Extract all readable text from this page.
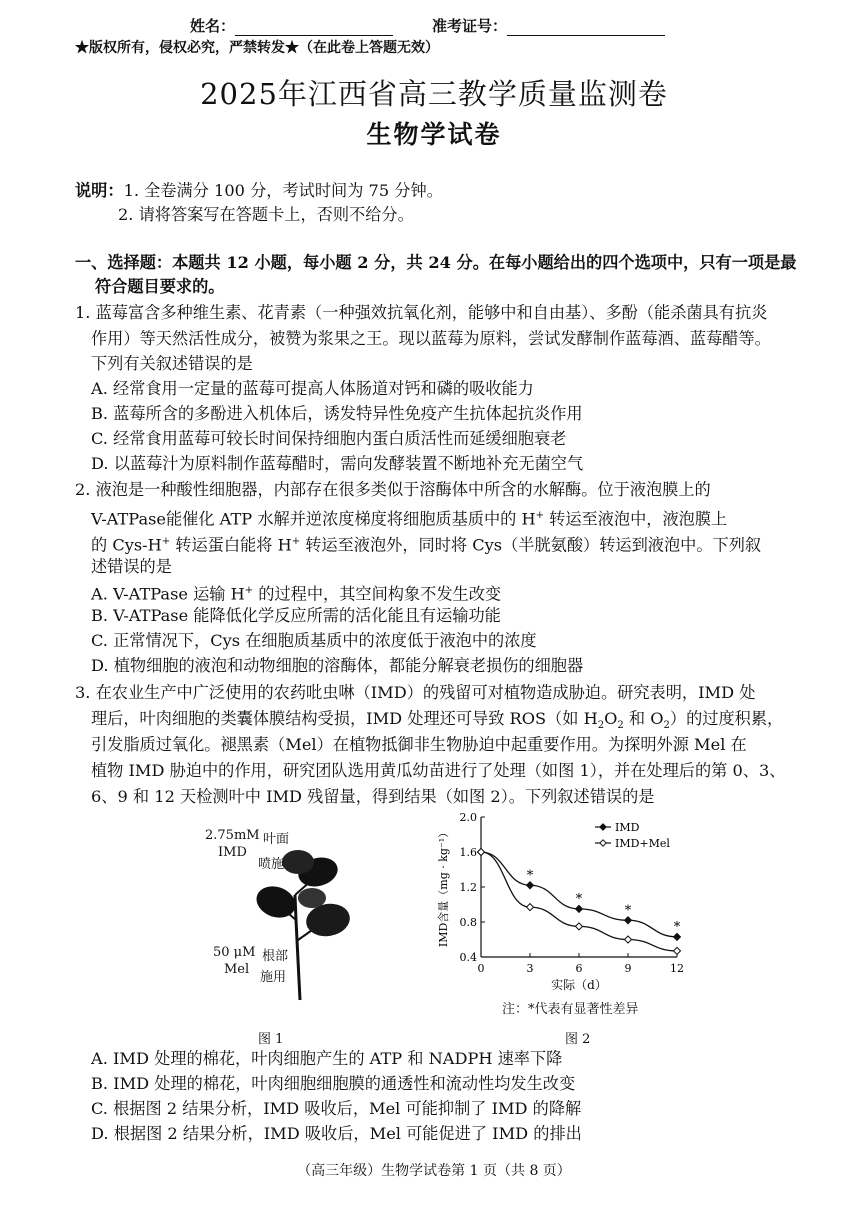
姓名：	准考证号：
★版权所有，侵权必究，严禁转发★（在此卷上答题无效）
2025年江西省高三教学质量监测卷
生物学试卷
说明：1. 全卷满分 100 分，考试时间为 75 分钟。
2. 请将答案写在答题卡上，否则不给分。
一、选择题：本题共 12 小题，每小题 2 分，共 24 分。在每小题给出的四个选项中，只有一项是最
符合题目要求的。
1. 蓝莓富含多种维生素、花青素（一种强效抗氧化剂，能够中和自由基）、多酚（能杀菌具有抗炎
作用）等天然活性成分，被赞为浆果之王。现以蓝莓为原料，尝试发酵制作蓝莓酒、蓝莓醋等。
下列有关叙述错误的是
A. 经常食用一定量的蓝莓可提高人体肠道对钙和磷的吸收能力
B. 蓝莓所含的多酚进入机体后，诱发特异性免疫产生抗体起抗炎作用
C. 经常食用蓝莓可较长时间保持细胞内蛋白质活性而延缓细胞衰老
D. 以蓝莓汁为原料制作蓝莓醋时，需向发酵装置不断地补充无菌空气
2. 液泡是一种酸性细胞器，内部存在很多类似于溶酶体中所含的水解酶。位于液泡膜上的
V-ATPase能催化 ATP 水解并逆浓度梯度将细胞质基质中的 H+ 转运至液泡中，液泡膜上
的 Cys-H+ 转运蛋白能将 H+ 转运至液泡外，同时将 Cys（半胱氨酸）转运到液泡中。下列叙
述错误的是
A. V-ATPase 运输 H+ 的过程中，其空间构象不发生改变
B. V-ATPase 能降低化学反应所需的活化能且有运输功能
C. 正常情况下，Cys 在细胞质基质中的浓度低于液泡中的浓度
D. 植物细胞的液泡和动物细胞的溶酶体，都能分解衰老损伤的细胞器
3. 在农业生产中广泛使用的农药吡虫啉（IMD）的残留可对植物造成胁迫。研究表明，IMD 处
理后，叶肉细胞的类囊体膜结构受损，IMD 处理还可导致 ROS（如 $H_2O_2$ 和 $O_2$）的过度积累，
引发脂质过氧化。褪黑素（Mel）在植物抵御非生物胁迫中起重要作用。为探明外源 Mel 在
植物 IMD 胁迫中的作用，研究团队选用黄瓜幼苗进行了处理（如图 1），并在处理后的第 0、3、
6、9 和 12 天检测叶中 IMD 残留量，得到结果（如图 2）。下列叙述错误的是
2.75mM
IMD
叶面
喷施
50 μM
Mel
根部
施用
图 1
0.4
0.8
1.2
1.6
2.0
0	3	6	9	12
实际（d）
IMD含量（mg · kg⁻¹）	*
*
*
*
IMD
IMD+Mel
注：*代表有显著性差异
图 2
A. IMD 处理的棉花，叶肉细胞产生的 ATP 和 NADPH 速率下降
B. IMD 处理的棉花，叶肉细胞细胞膜的通透性和流动性均发生改变
C. 根据图 2 结果分析，IMD 吸收后，Mel 可能抑制了 IMD 的降解
D. 根据图 2 结果分析，IMD 吸收后，Mel 可能促进了 IMD 的排出
（高三年级）生物学试卷第 1 页（共 8 页）
